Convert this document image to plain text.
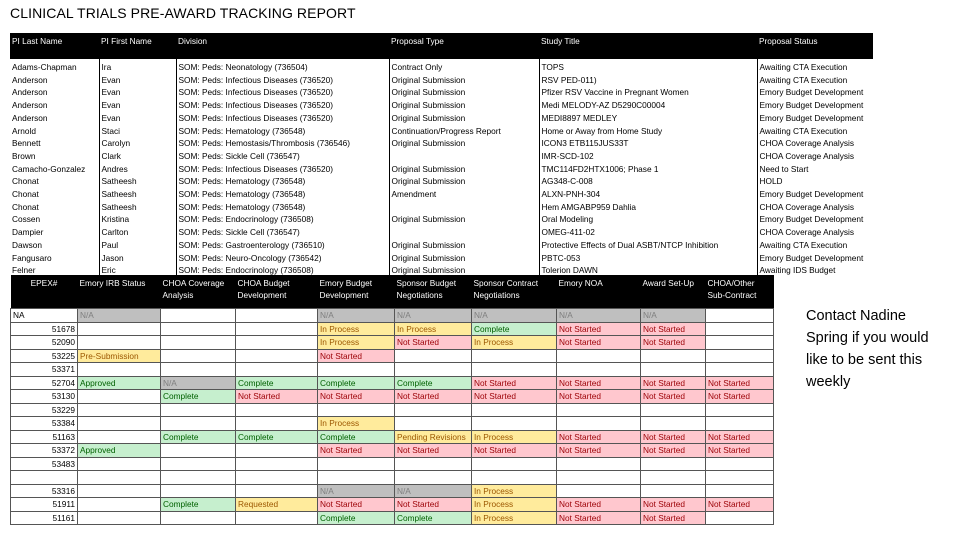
CLINICAL TRIALS PRE-AWARD TRACKING REPORT
PI Last Name	PI First Name	Division	Proposal Type	Study Title	Proposal Status
Adams-Chapman	Ira	SOM: Peds: Neonatology (736504)	Contract Only	TOPS	Awaiting CTA Execution
Anderson	Evan	SOM: Peds: Infectious Diseases (736520)	Original Submission	RSV PED-011)	Awaiting CTA Execution
Anderson	Evan	SOM: Peds: Infectious Diseases (736520)	Original Submission	Pfizer RSV Vaccine in Pregnant Women	Emory Budget Development
Anderson	Evan	SOM: Peds: Infectious Diseases (736520)	Original Submission	Medi MELODY-AZ D5290C00004	Emory Budget Development
Anderson	Evan	SOM: Peds: Infectious Diseases (736520)	Original Submission	MEDI8897 MEDLEY	Emory Budget Development
Arnold	Staci	SOM: Peds: Hematology (736548)	Continuation/Progress Report	Home or Away from Home Study	Awaiting CTA Execution
Bennett	Carolyn	SOM: Peds: Hemostasis/Thrombosis (736546)	Original Submission	ICON3 ETB115JUS33T	CHOA Coverage Analysis
Brown	Clark	SOM: Peds: Sickle Cell (736547)		IMR-SCD-102	CHOA Coverage Analysis
Camacho-Gonzalez	Andres	SOM: Peds: Infectious Diseases (736520)	Original Submission	TMC114FD2HTX1006; Phase 1	Need to Start
Chonat	Satheesh	SOM: Peds: Hematology (736548)	Original Submission	AG348-C-008	HOLD
Chonat	Satheesh	SOM: Peds: Hematology (736548)	Amendment	ALXN-PNH-304	Emory Budget Development
Chonat	Satheesh	SOM: Peds: Hematology (736548)		Hem AMGABP959 Dahlia	CHOA Coverage Analysis
Cossen	Kristina	SOM: Peds: Endocrinology (736508)	Original Submission	Oral Modeling	Emory Budget Development
Dampier	Carlton	SOM: Peds: Sickle Cell (736547)		OMEG-411-02	CHOA Coverage Analysis
Dawson	Paul	SOM: Peds: Gastroenterology (736510)	Original Submission	Protective Effects of Dual ASBT/NTCP Inhibition	Awaiting CTA Execution
Fangusaro	Jason	SOM: Peds: Neuro-Oncology (736542)	Original Submission	PBTC-053	Emory Budget Development
Felner	Eric	SOM: Peds: Endocrinology (736508)	Original Submission	Tolerion DAWN	Awaiting IDS Budget
EPEX#	Emory IRB Status	CHOA Coverage Analysis	CHOA Budget Development	Emory Budget Development	Sponsor Budget Negotiations	Sponsor Contract Negotiations	Emory NOA	Award Set-Up	CHOA/Other Sub-Contract
NA	N/A			N/A	N/A	N/A	N/A	N/A	
51678				In Process	In Process	Complete	Not Started	Not Started	
52090				In Process	Not Started	In Process	Not Started	Not Started	
53225	Pre-Submission			Not Started					
53371									
52704	Approved	N/A	Complete	Complete	Complete	Not Started	Not Started	Not Started	Not Started
53130		Complete	Not Started	Not Started	Not Started	Not Started	Not Started	Not Started	Not Started
53229									
53384				In Process					
51163		Complete	Complete	Complete	Pending Revisions	In Process	Not Started	Not Started	Not Started
53372	Approved			Not Started	Not Started	Not Started	Not Started	Not Started	Not Started
53483									

53316				N/A	N/A	In Process			
51911		Complete	Requested	Not Started	Not Started	In Process	Not Started	Not Started	Not Started
51161				Complete	Complete	In Process	Not Started	Not Started	
Contact Nadine Spring if you would like to be sent this weekly
